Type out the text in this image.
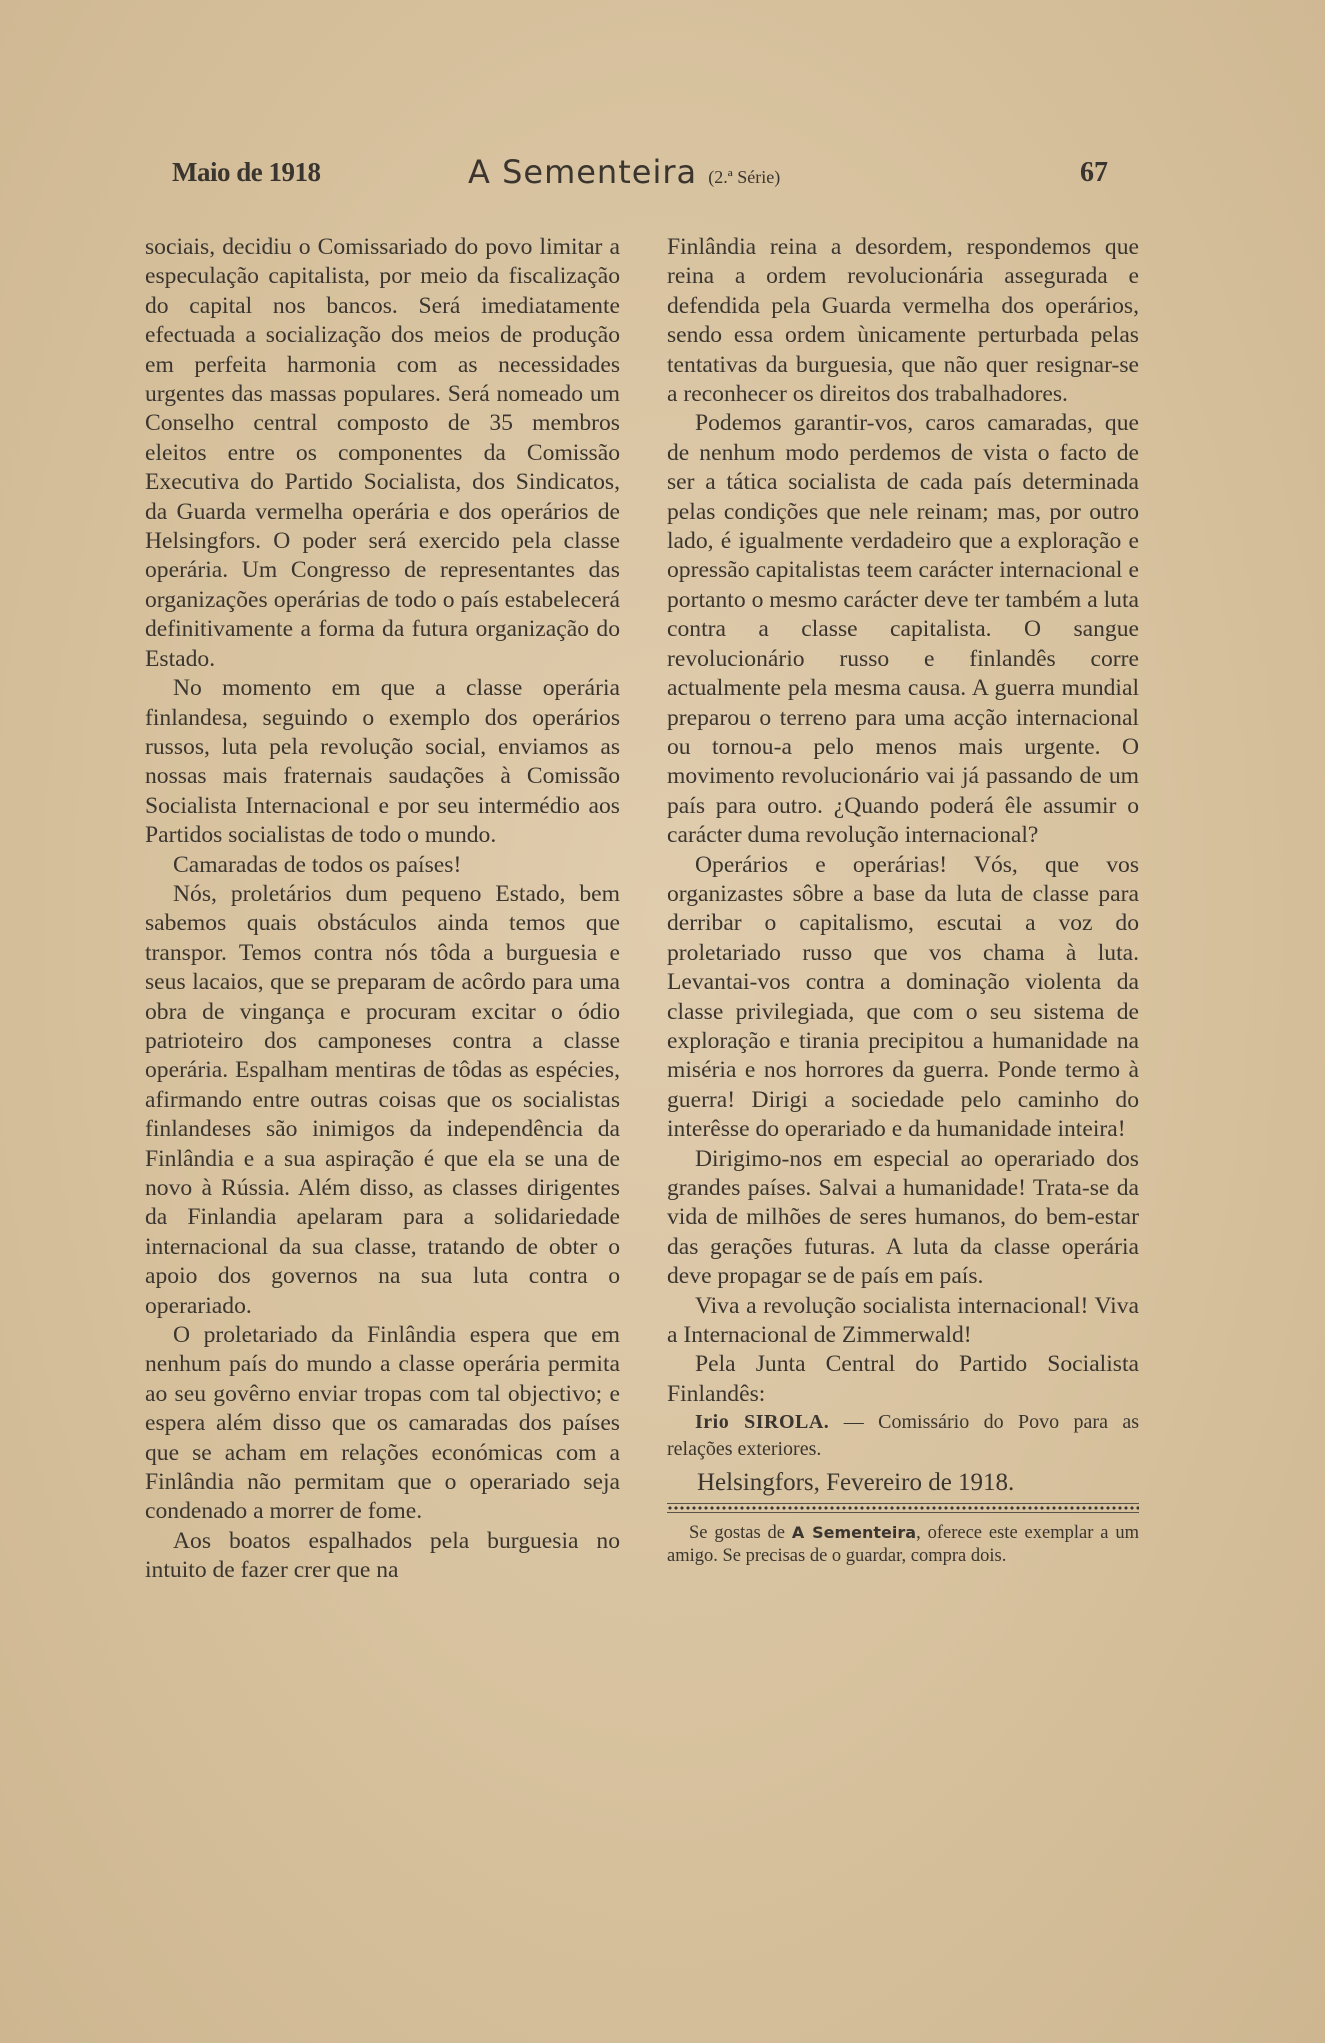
Maio de 1918	A Sementeira (2.ª Série)	67

sociais, decidiu o Comissariado do povo limitar a especulação capitalista, por meio da fiscalização do capital nos bancos. Será imediatamente efectuada a socialização dos meios de produção em perfeita harmonia com as necessidades urgentes das massas populares. Será nomeado um Conselho central composto de 35 membros eleitos entre os componentes da Comissão Executiva do Partido Socialista, dos Sindicatos, da Guarda vermelha operária e dos operários de Helsingfors. O poder será exercido pela classe operária. Um Congresso de representantes das organizações operárias de todo o país estabelecerá definitivamente a forma da futura organização do Estado.

No momento em que a classe operária finlandesa, seguindo o exemplo dos operários russos, luta pela revolução social, enviamos as nossas mais fraternais saudações à Comissão Socialista Internacional e por seu intermédio aos Partidos socialistas de todo o mundo.

Camaradas de todos os países!

Nós, proletários dum pequeno Estado, bem sabemos quais obstáculos ainda temos que transpor. Temos contra nós tôda a burguesia e seus lacaios, que se preparam de acôrdo para uma obra de vingança e procuram excitar o ódio patrioteiro dos camponeses contra a classe operária. Espalham mentiras de tôdas as espécies, afirmando entre outras coisas que os socialistas finlandeses são inimigos da independência da Finlândia e a sua aspiração é que ela se una de novo à Rússia. Além disso, as classes dirigentes da Finlandia apelaram para a solidariedade internacional da sua classe, tratando de obter o apoio dos governos na sua luta contra o operariado.

O proletariado da Finlândia espera que em nenhum país do mundo a classe operária permita ao seu govêrno enviar tropas com tal objectivo; e espera além disso que os camaradas dos países que se acham em relações económicas com a Finlândia não permitam que o operariado seja condenado a morrer de fome.

Aos boatos espalhados pela burguesia no intuito de fazer crer que na

Finlândia reina a desordem, respondemos que reina a ordem revolucionária assegurada e defendida pela Guarda vermelha dos operários, sendo essa ordem ùnicamente perturbada pelas tentativas da burguesia, que não quer resignar-se a reconhecer os direitos dos trabalhadores.

Podemos garantir-vos, caros camaradas, que de nenhum modo perdemos de vista o facto de ser a tática socialista de cada país determinada pelas condições que nele reinam; mas, por outro lado, é igualmente verdadeiro que a exploração e opressão capitalistas teem carácter internacional e portanto o mesmo carácter deve ter também a luta contra a classe capitalista. O sangue revolucionário russo e finlandês corre actualmente pela mesma causa. A guerra mundial preparou o terreno para uma acção internacional ou tornou-a pelo menos mais urgente. O movimento revolucionário vai já passando de um país para outro. ¿Quando poderá êle assumir o carácter duma revolução internacional?

Operários e operárias! Vós, que vos organizastes sôbre a base da luta de classe para derribar o capitalismo, escutai a voz do proletariado russo que vos chama à luta. Levantai-vos contra a dominação violenta da classe privilegiada, que com o seu sistema de exploração e tirania precipitou a humanidade na miséria e nos horrores da guerra. Ponde termo à guerra! Dirigi a sociedade pelo caminho do interêsse do operariado e da humanidade inteira!

Dirigimo-nos em especial ao operariado dos grandes países. Salvai a humanidade! Trata-se da vida de milhões de seres humanos, do bem-estar das gerações futuras. A luta da classe operária deve propagar se de país em país.

Viva a revolução socialista internacional! Viva a Internacional de Zimmerwald!

Pela Junta Central do Partido Socialista Finlandês:

Irio SIROLA. — Comissário do Povo para as relações exteriores.

Helsingfors, Fevereiro de 1918.

Se gostas de A Sementeira, oferece este exemplar a um amigo. Se precisas de o guardar, compra dois.
